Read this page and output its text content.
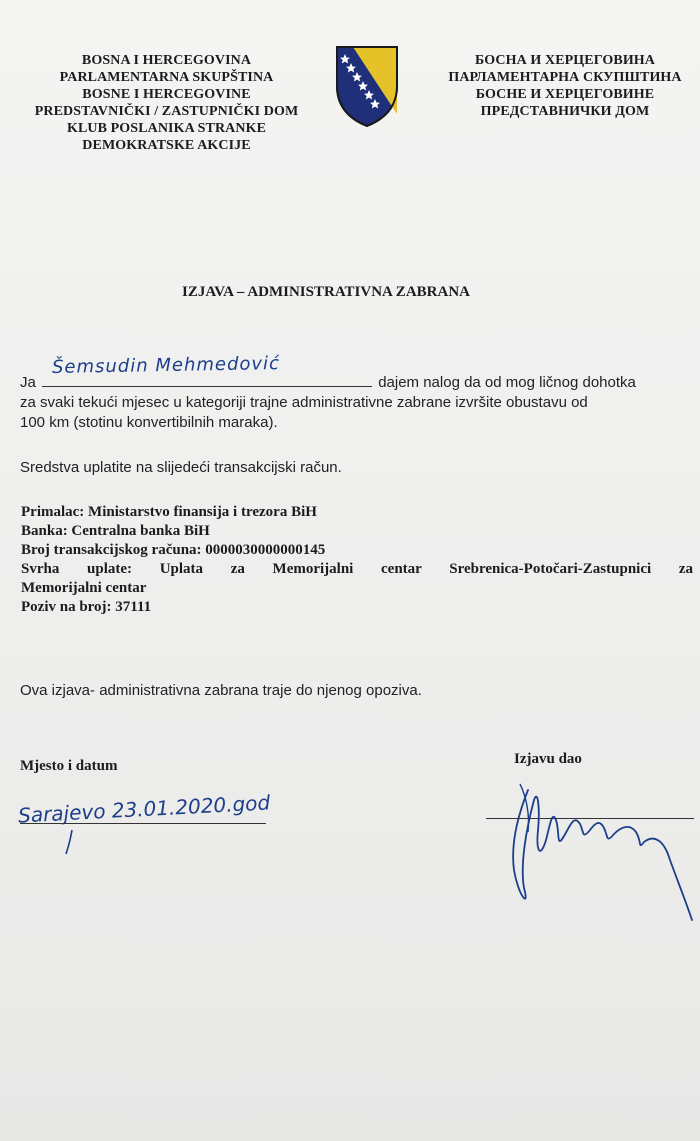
BOSNA I HERCEGOVINA
PARLAMENTARNA SKUPŠTINA
BOSNE I HERCEGOVINE
PREDSTAVNIČKI / ZASTUPNIČKI DOM
KLUB POSLANIKA STRANKE
DEMOKRATSKE AKCIJE
БОСНА И ХЕРЦЕГОВИНА
ПАРЛАМЕНТАРНА СКУПШТИНА
БОСНЕ И ХЕРЦЕГОВИНЕ
ПРЕДСТАВНИЧКИ ДОМ
IZJAVA – ADMINISTRATIVNA ZABRANA
Ja
Šemsudin Mehmedović
dajem nalog da od mog ličnog dohotka
za svaki tekući mjesec u kategoriji trajne administrativne zabrane izvršite obustavu od
100 km (stotinu konvertibilnih maraka).
Sredstva uplatite na slijedeći transakcijski račun.
Primalac: Ministarstvo finansija i trezora BiH
Banka: Centralna banka BiH
Broj transakcijskog računa: 0000030000000145
Svrha uplate: Uplata za Memorijalni centar Srebrenica-Potočari-Zastupnici za
Memorijalni centar
Poziv na broj: 37111
Ova izjava- administrativna zabrana traje do njenog opoziva.
Mjesto i datum	Izjavu dao
Sarajevo 23.01.2020.god
